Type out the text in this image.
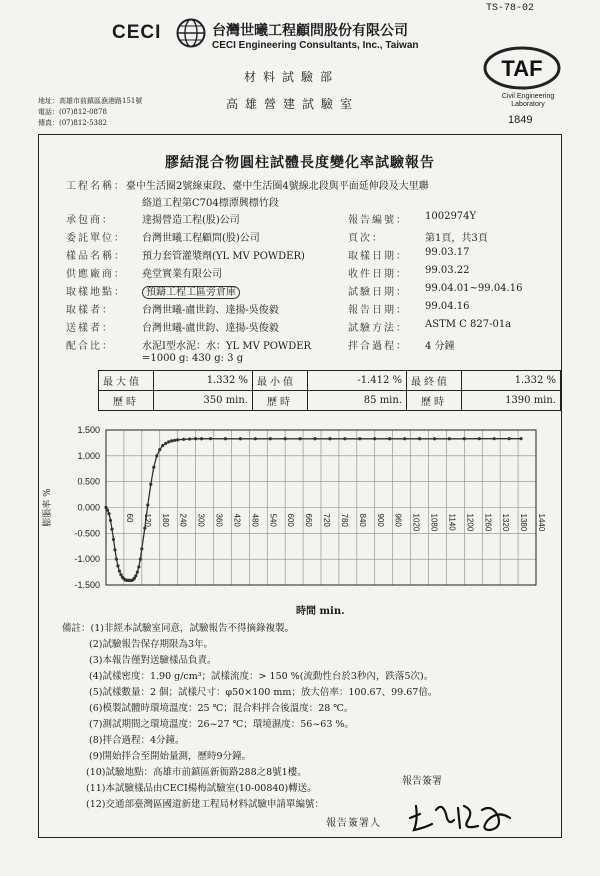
TS-78-02
CECI	台灣世曦工程顧問股份有限公司
CECI Engineering Consultants, Inc., Taiwan
材料試驗部
高雄營建試驗室
地址：高雄市前鎮區漁港路151號
電話：(07)812-0878
傳真：(07)812-5382
TAF
Civil Engineering Laboratory
1849
膠結混合物圓柱試體長度變化率試驗報告
工程名稱：臺中生活圈2號線東段、臺中生活圈4號線北段與平面延伸段及大里聯
絡道工程第C704標潭興標竹段
承包商：	達揚營造工程(股)公司
委託單位： 台灣世曦工程顧問(股)公司
樣品名稱： 預力套管灌漿劑(YL MV POWDER)
供應廠商： 堯堂實業有限公司
取樣地點：	預鑄工程工區旁倉庫
取樣者：	台灣世曦-盧世鈞、達揚-吳俊毅
送樣者：	台灣世曦-盧世鈞、達揚-吳俊毅
配合比：	水泥I型水泥：水：YL MV POWDER
=1000 g: 430 g: 3 g
報告編號： 1002974Y
頁次：	第1頁，共3頁
取樣日期： 99.03.17
收件日期： 99.03.22
試驗日期： 99.04.01~99.04.16
報告日期： 99.04.16
試驗方法： ASTM C 827-01a
拌合過程： 4 分鐘
最大值	1.332 %	最小值	-1.412 %	最終值	1.332 %
歷時	350 min.	歷時	85 min.	歷時	1390 min.
1.500
1.000
0.500
0.000
-0.500
-1.000
-1.500
60 120 180 240 300 360 420 480 540 600 660 720 780 840 900 960 1020 1080 1140 1200 1260 1320 1380 1440
膨脹率 %
時間 min.
備註：(1)非經本試驗室同意，試驗報告不得摘錄複製。
(2)試驗報告保存期限為3年。
(3)本報告僅對送驗樣品負責。
(4)試樣密度：1.90 g/cm³；試樣流度：> 150 %(流動性台於3秒內，跌落5次)。
(5)試樣數量：2 個；試樣尺寸：φ50×100 mm；放大倍率：100.67、99.67倍。
(6)模製試體時環境溫度：25 ℃；混合料拌合後溫度：28 ℃。
(7)測試期間之環境溫度：26~27 ℃；環境濕度：56~63 %。
(8)拌合過程：4分鐘。
(9)開始拌合至開始量測，歷時9分鐘。
(10)試驗地點：高雄市前鎮區新衙路288之8號1樓。
(11)本試驗樣品由CECI楊梅試驗室(10-00840)轉送。
(12)交通部臺灣區國道新建工程局材料試驗申請單編號：
報告簽署
報告簽署人
